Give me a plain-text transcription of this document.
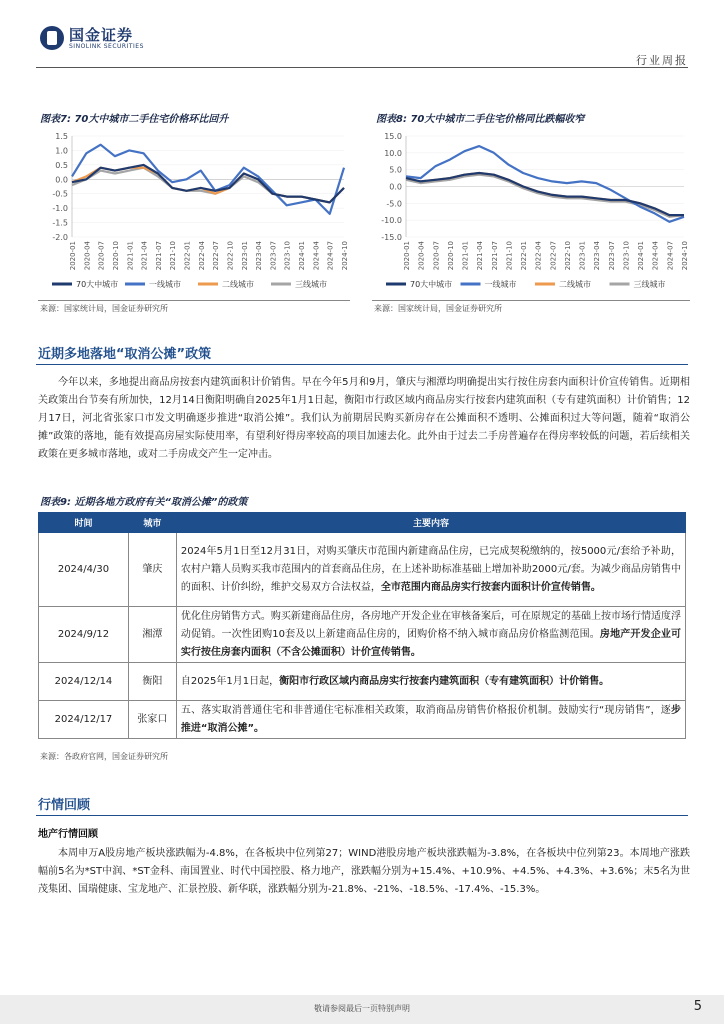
国金证券
SINOLINK SECURITIES
行业周报
图表7: 70大中城市二手住宅价格环比回升
1.5
1.0
0.5
0.0
-0.5
-1.0
-1.5
-2.0
2020-01 2020-04 2020-07 2020-10 2021-01 2021-04 2021-07 2021-10 2022-01 2022-04 2022-07 2022-10 2023-01 2023-04 2023-07 2023-10 2024-01 2024-04 2024-07 2024-10
70大中城市	一线城市	二线城市	三线城市
来源：国家统计局，国金证券研究所
图表8: 70大中城市二手住宅价格同比跌幅收窄
15.0
10.0
5.0
0.0
-5.0
-10.0
-15.0
2020-01 2020-04 2020-07 2020-10 2021-01 2021-04 2021-07 2021-10 2022-01 2022-04 2022-07 2022-10 2023-01 2023-04 2023-07 2023-10 2024-01 2024-04 2024-07 2024-10
70大中城市	一线城市	二线城市	三线城市
来源：国家统计局，国金证券研究所
近期多地落地“取消公摊”政策
今年以来，多地提出商品房按套内建筑面积计价销售。早在今年5月和9月，肇庆与湘潭均明确提出实行按住房套内面积计价宣传销售。近期相关政策出台节奏有所加快，12月14日衡阳明确自2025年1月1日起，衡阳市行政区域内商品房实行按套内建筑面积（专有建筑面积）计价销售；12月17日，河北省张家口市发文明确逐步推进“取消公摊”。我们认为前期居民购买新房存在公摊面积不透明、公摊面积过大等问题，随着“取消公摊”政策的落地，能有效提高房屋实际使用率，有望利好得房率较高的项目加速去化。此外由于过去二手房普遍存在得房率较低的问题，若后续相关政策在更多城市落地，或对二手房成交产生一定冲击。
图表9: 近期各地方政府有关“取消公摊”的政策
时间	城市	主要内容
2024/4/30	肇庆	2024年5月1日至12月31日，对购买肇庆市范围内新建商品住房，已完成契税缴纳的，按5000元/套给予补助，农村户籍人员购买我市范围内的首套商品住房，在上述补助标准基础上增加补助2000元/套。为减少商品房销售中的面积、计价纠纷，维护交易双方合法权益，全市范围内商品房实行按套内面积计价宣传销售。
2024/9/12	湘潭	优化住房销售方式。购买新建商品住房，各房地产开发企业在审核备案后，可在原规定的基础上按市场行情适度浮动促销。一次性团购10套及以上新建商品住房的，团购价格不纳入城市商品房价格监测范围。房地产开发企业可实行按住房套内面积（不含公摊面积）计价宣传销售。
2024/12/14	衡阳	自2025年1月1日起，衡阳市行政区域内商品房实行按套内建筑面积（专有建筑面积）计价销售。
2024/12/17	张家口	五、落实取消普通住宅和非普通住宅标准相关政策，取消商品房销售价格报价机制。鼓励实行“现房销售”，逐步推进“取消公摊”。
来源：各政府官网，国金证券研究所
行情回顾
地产行情回顾
本周申万A股房地产板块涨跌幅为-4.8%，在各板块中位列第27；WIND港股房地产板块涨跌幅为-3.8%，在各板块中位列第23。本周地产涨跌幅前5名为*ST中润、*ST金科、南国置业、时代中国控股、格力地产，涨跌幅分别为+15.4%、+10.9%、+4.5%、+4.3%、+3.6%；末5名为世茂集团、国瑞健康、宝龙地产、汇景控股、新华联，涨跌幅分别为-21.8%、-21%、-18.5%、-17.4%、-15.3%。
敬请参阅最后一页特别声明	5
